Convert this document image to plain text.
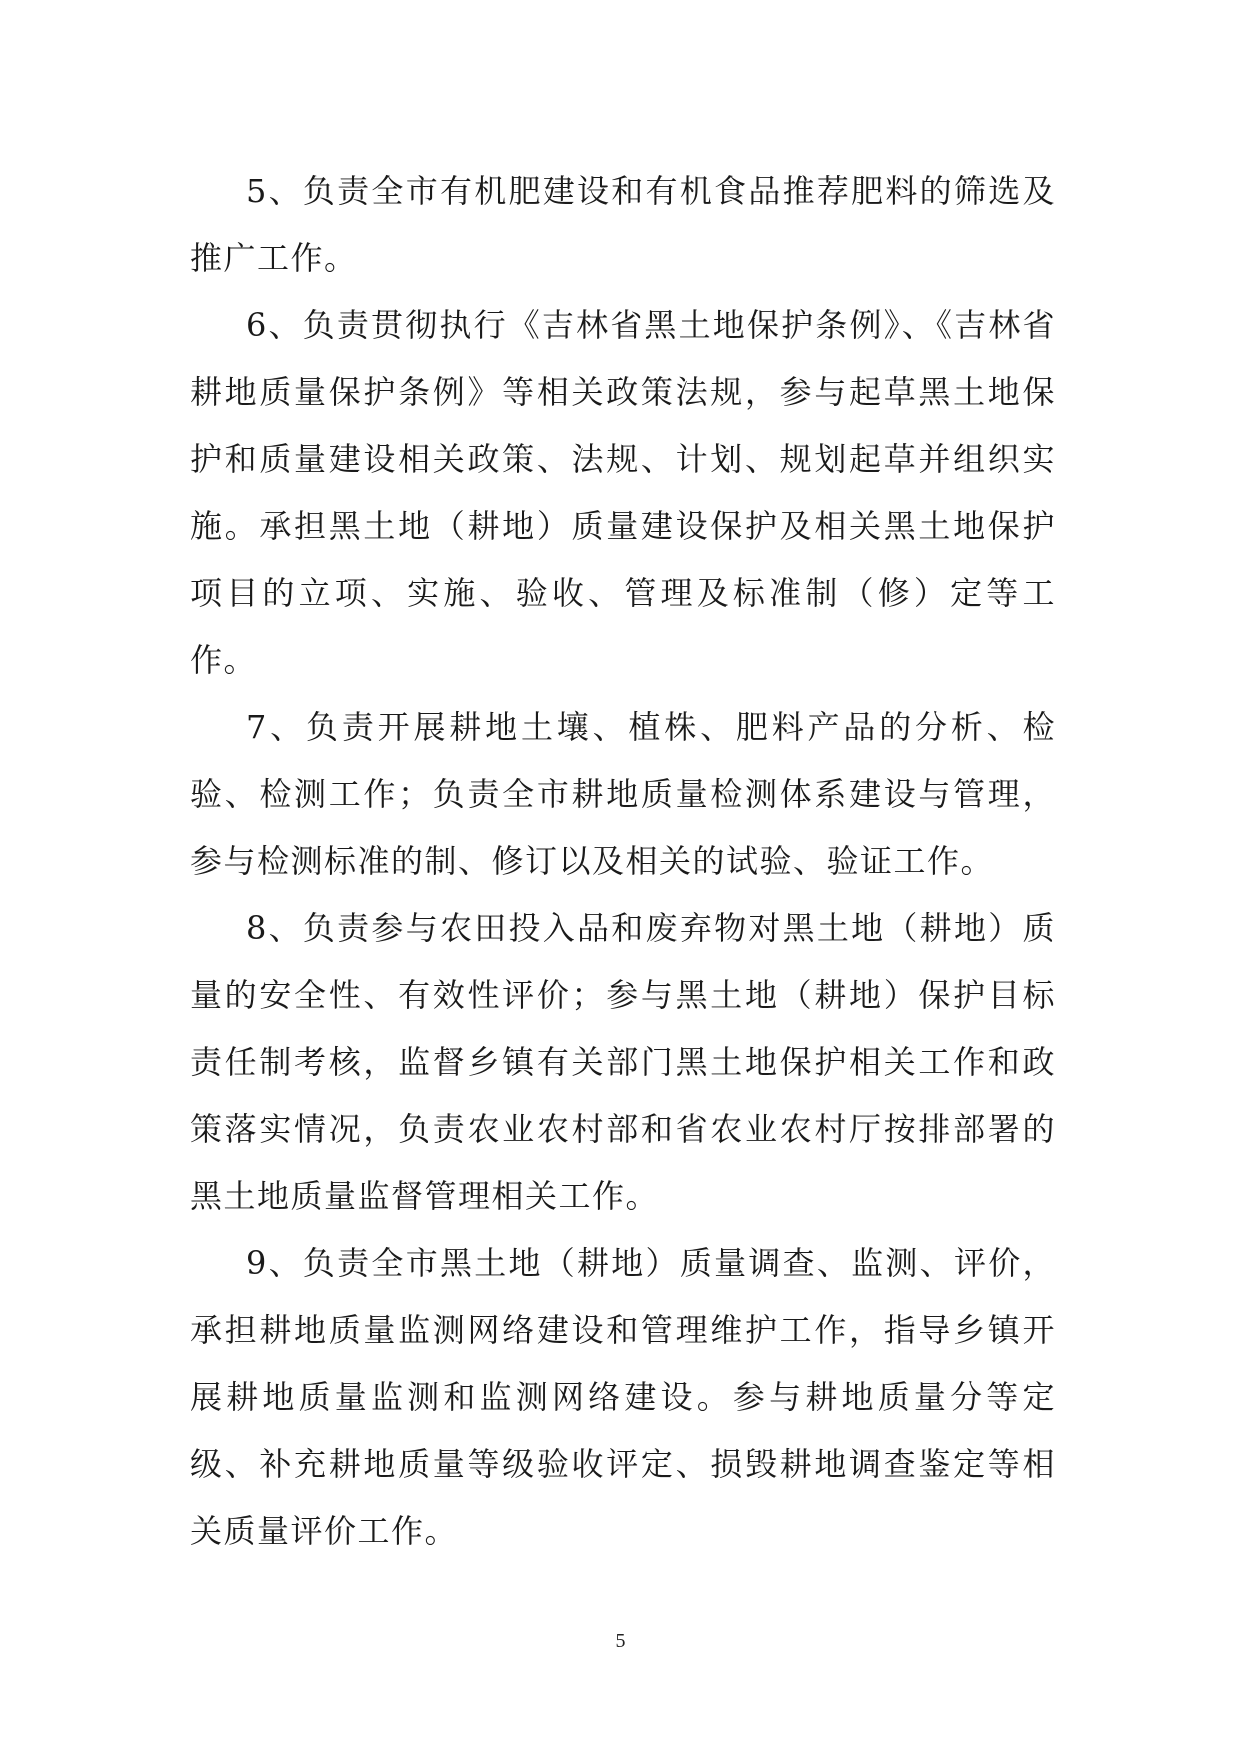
5、负责全市有机肥建设和有机食品推荐肥料的筛选及推广工作。

6、负责贯彻执行《吉林省黑土地保护条例》、《吉林省耕地质量保护条例》等相关政策法规，参与起草黑土地保护和质量建设相关政策、法规、计划、规划起草并组织实施。承担黑土地（耕地）质量建设保护及相关黑土地保护项目的立项、实施、验收、管理及标准制（修）定等工作。

7、负责开展耕地土壤、植株、肥料产品的分析、检验、检测工作；负责全市耕地质量检测体系建设与管理，参与检测标准的制、修订以及相关的试验、验证工作。

8、负责参与农田投入品和废弃物对黑土地（耕地）质量的安全性、有效性评价；参与黑土地（耕地）保护目标责任制考核，监督乡镇有关部门黑土地保护相关工作和政策落实情况，负责农业农村部和省农业农村厅按排部署的黑土地质量监督管理相关工作。

9、负责全市黑土地（耕地）质量调查、监测、评价，承担耕地质量监测网络建设和管理维护工作，指导乡镇开展耕地质量监测和监测网络建设。参与耕地质量分等定级、补充耕地质量等级验收评定、损毁耕地调查鉴定等相关质量评价工作。

5
